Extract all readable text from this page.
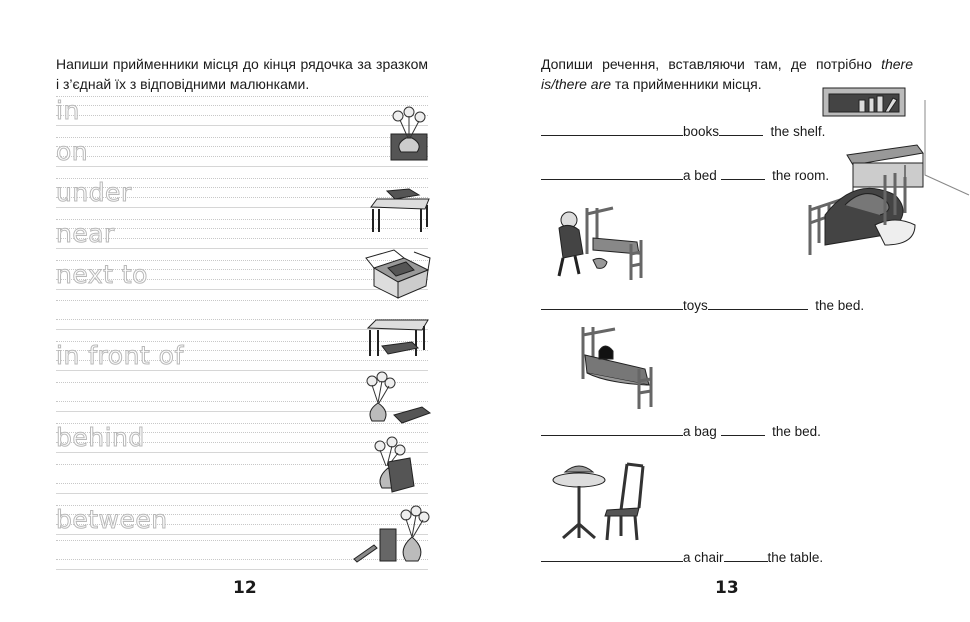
Напиши прийменники місця до кінця рядочка за зразком і з’єднай їх з відповідними малюнками.
in
on
under
near
next to
in front of
behind
between
12
Допиши речення, вставляючи там, де потрібно there is/there are та прийменники місця.
books	the shelf.
a bed	the room.
toys	the bed.
a bag	the bed.
a chair	the table.
13
